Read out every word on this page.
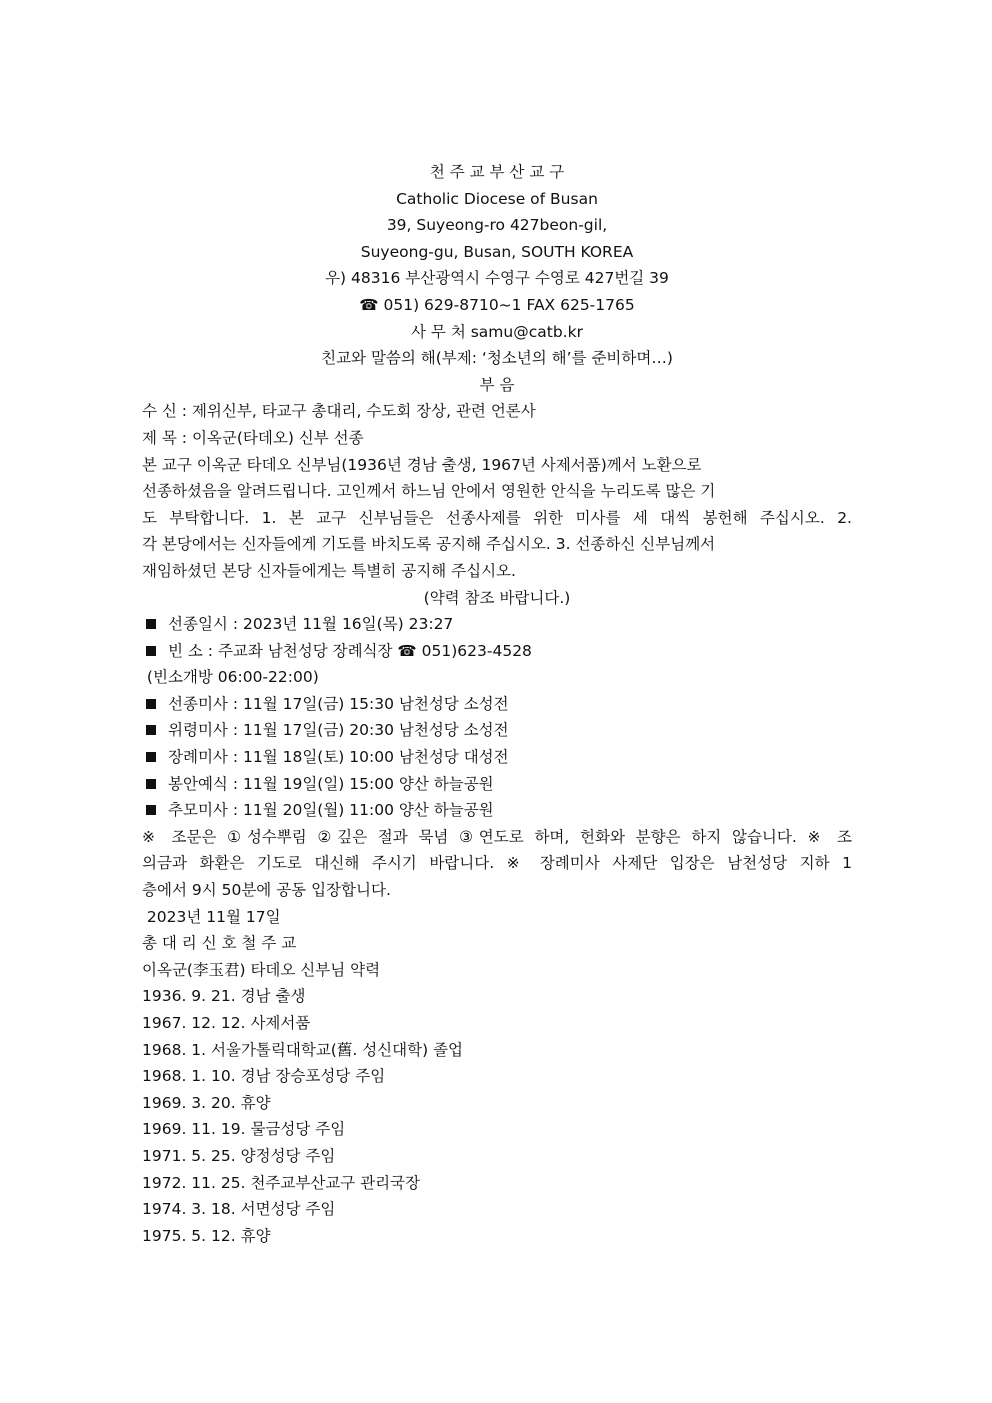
천 주 교 부 산 교 구
Catholic Diocese of Busan
39, Suyeong-ro 427beon-gil,
Suyeong-gu, Busan, SOUTH KOREA
우) 48316 부산광역시 수영구 수영로 427번길 39
☎ 051) 629-8710~1 FAX 625-1765
사 무 처 samu@catb.kr
친교와 말씀의 해(부제: ‘청소년의 해’를 준비하며…)
부 음
수 신 : 제위신부, 타교구 총대리, 수도회 장상, 관련 언론사
제 목 : 이옥군(타데오) 신부 선종
본 교구 이옥군 타데오 신부님(1936년 경남 출생, 1967년 사제서품)께서 노환으로
선종하셨음을 알려드립니다. 고인께서 하느님 안에서 영원한 안식을 누리도록 많은 기
도 부탁합니다. 1. 본 교구 신부님들은 선종사제를 위한 미사를 세 대씩 봉헌해 주십시오. 2.
각 본당에서는 신자들에게 기도를 바치도록 공지해 주십시오. 3. 선종하신 신부님께서
재임하셨던 본당 신자들에게는 특별히 공지해 주십시오.
(약력 참조 바랍니다.)
선종일시 : 2023년 11월 16일(목) 23:27
빈 소 : 주교좌 남천성당 장례식장 ☎ 051)623-4528
(빈소개방 06:00-22:00)
선종미사 : 11월 17일(금) 15:30 남천성당 소성전
위령미사 : 11월 17일(금) 20:30 남천성당 소성전
장례미사 : 11월 18일(토) 10:00 남천성당 대성전
봉안예식 : 11월 19일(일) 15:00 양산 하늘공원
추모미사 : 11월 20일(월) 11:00 양산 하늘공원
※ 조문은 ①성수뿌림 ②깊은 절과 묵념 ③연도로 하며, 헌화와 분향은 하지 않습니다. ※ 조
의금과 화환은 기도로 대신해 주시기 바랍니다. ※ 장례미사 사제단 입장은 남천성당 지하 1
층에서 9시 50분에 공동 입장합니다.
2023년 11월 17일
총 대 리 신 호 철 주 교
이옥군(李玉君) 타데오 신부님 약력
1936. 9. 21. 경남 출생
1967. 12. 12. 사제서품
1968. 1. 서울가톨릭대학교(舊. 성신대학) 졸업
1968. 1. 10. 경남 장승포성당 주임
1969. 3. 20. 휴양
1969. 11. 19. 물금성당 주임
1971. 5. 25. 양정성당 주임
1972. 11. 25. 천주교부산교구 관리국장
1974. 3. 18. 서면성당 주임
1975. 5. 12. 휴양
